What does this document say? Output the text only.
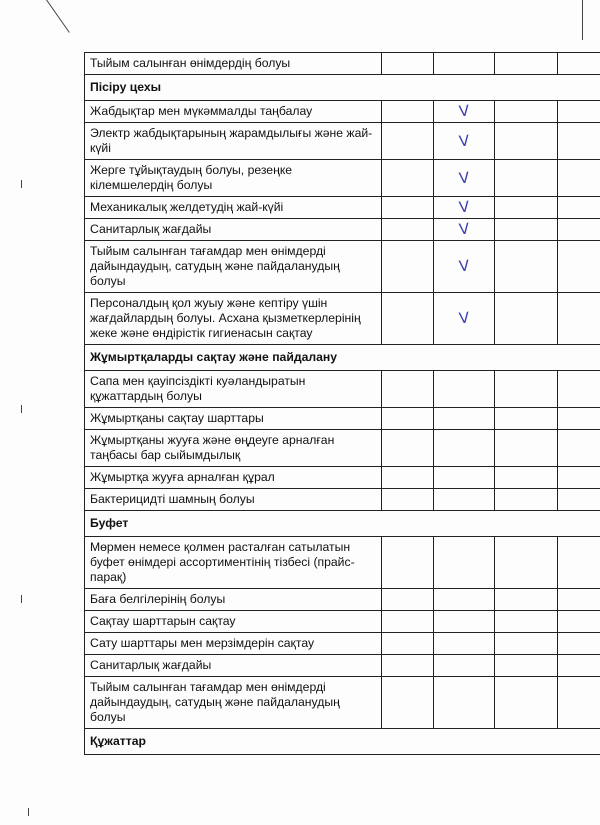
Тыйым салынған өнімдердің болуы				
Пісіру цехы				
Жабдықтар мен мүкәммалды таңбалау		V		
Электр жабдықтарының жарамдылығы және жай-күйі		V		
Жерге тұйықтаудың болуы, резеңке кілемшелердің болуы		V		
Механикалық желдетудің жай-күйі		V		
Санитарлық жағдайы		V		
Тыйым салынған тағамдар мен өнімдерді дайындаудың, сатудың және пайдаланудың болуы		V		
Персоналдың қол жуыу және кептіру үшін жағдайлардың болуы. Асхана қызметкерлерінің жеке және өндірістік гигиенасын сақтау		V		
Жұмыртқаларды сақтау және пайдалану				
Сапа мен қауіпсіздікті куәландыратын құжаттардың болуы				
Жұмыртқаны сақтау шарттары				
Жұмыртқаны жууға және өңдеуге арналған таңбасы бар сыйымдылық				
Жұмыртқа жууға арналған құрал				
Бактерицидті шамның болуы				
Буфет				
Мөрмен немесе қолмен расталған сатылатын буфет өнімдері ассортиментінің тізбесі (прайс-парақ)				
Баға белгілерінің болуы				
Сақтау шарттарын сақтау				
Сату шарттары мен мерзімдерін сақтау				
Санитарлық жағдайы				
Тыйым салынған тағамдар мен өнімдерді дайындаудың, сатудың және пайдаланудың болуы				
Құжаттар				
